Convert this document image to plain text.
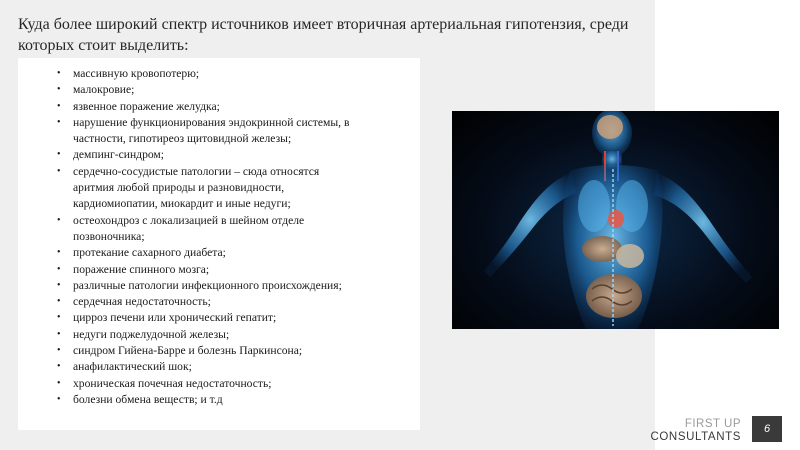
Куда более широкий спектр источников имеет вторичная артериальная гипотензия, среди которых стоит выделить:
• массивную кровопотерю;
• малокровие;
• язвенное поражение желудка;
• нарушение функционирования эндокринной системы, в частности, гипотиреоз щитовидной железы;
• демпинг-синдром;
• сердечно-сосудистые патологии – сюда относятся аритмия любой природы и разновидности, кардиомиопатии, миокардит и иные недуги;
• остеохондроз с локализацией в шейном отделе позвоночника;
• протекание сахарного диабета;
• поражение спинного мозга;
• различные патологии инфекционного происхождения;
• сердечная недостаточность;
• цирроз печени или хронический гепатит;
• недуги поджелудочной железы;
• синдром Гийена-Барре и болезнь Паркинсона;
• анафилактический шок;
• хроническая почечная недостаточность;
• болезни обмена веществ; и т.д
FIRST UP
CONSULTANTS
6
